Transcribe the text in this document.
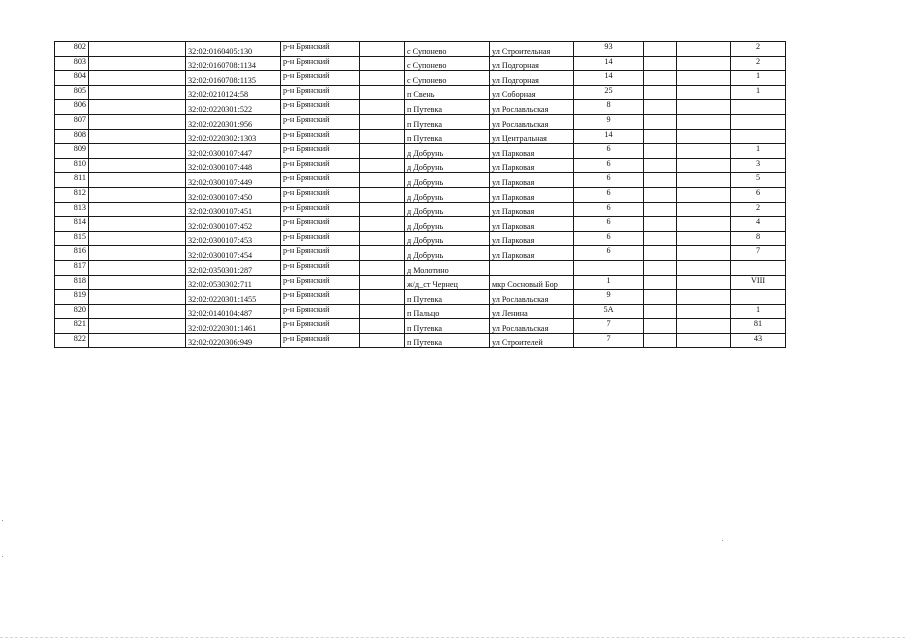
802		32:02:0160405:130	р-н Брянский		с Супонево	ул Строительная	93			2
803		32:02:0160708:1134	р-н Брянский		с Супонево	ул Подгорная	14			2
804		32:02:0160708:1135	р-н Брянский		с Супонево	ул Подгорная	14			1
805		32:02:0210124:58	р-н Брянский		п Свень	ул Соборная	25			1
806		32:02:0220301:522	р-н Брянский		п Путевка	ул Рославльская	8			
807		32:02:0220301:956	р-н Брянский		п Путевка	ул Рославльская	9			
808		32:02:0220302:1303	р-н Брянский		п Путевка	ул Центральная	14			
809		32:02:0300107:447	р-н Брянский		д Добрунь	ул Парковая	6			1
810		32:02:0300107:448	р-н Брянский		д Добрунь	ул Парковая	6			3
811		32:02:0300107:449	р-н Брянский		д Добрунь	ул Парковая	6			5
812		32:02:0300107:450	р-н Брянский		д Добрунь	ул Парковая	6			6
813		32:02:0300107:451	р-н Брянский		д Добрунь	ул Парковая	6			2
814		32:02:0300107:452	р-н Брянский		д Добрунь	ул Парковая	6			4
815		32:02:0300107:453	р-н Брянский		д Добрунь	ул Парковая	6			8
816		32:02:0300107:454	р-н Брянский		д Добрунь	ул Парковая	6			7
817		32:02:0350301:287	р-н Брянский		д Молотино					
818		32:02:0530302:711	р-н Брянский		ж/д_ст Чернец	мкр Сосновый Бор	1			VIII
819		32:02:0220301:1455	р-н Брянский		п Путевка	ул Рославльская	9			
820		32:02:0140104:487	р-н Брянский		п Пальцо	ул Ленина	5А			1
821		32:02:0220301:1461	р-н Брянский		п Путевка	ул Рославльская	7			81
822		32:02:0220306:949	р-н Брянский		п Путевка	ул Строителей	7			43
